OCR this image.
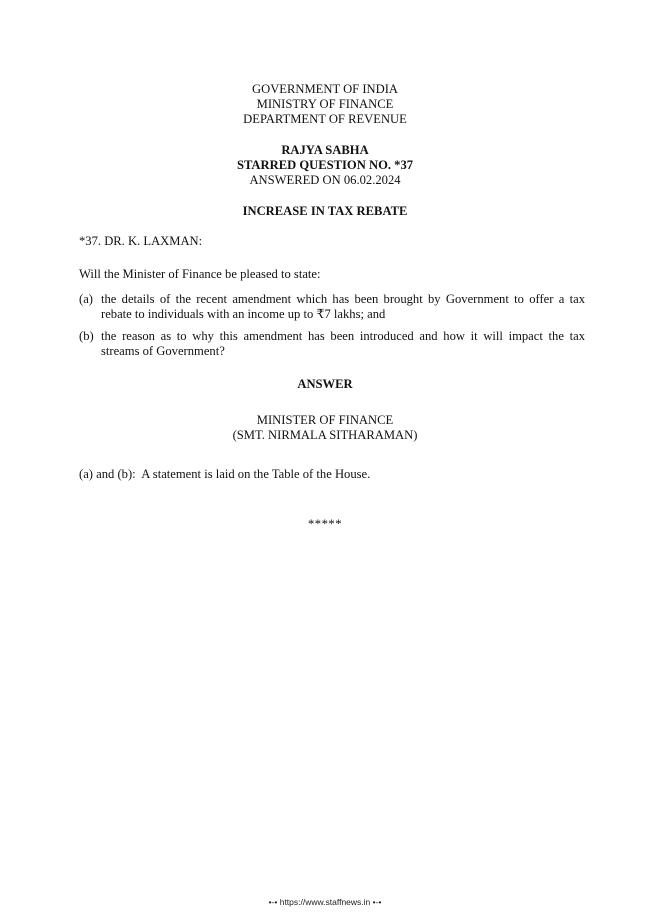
GOVERNMENT OF INDIA
MINISTRY OF FINANCE
DEPARTMENT OF REVENUE
RAJYA SABHA
STARRED QUESTION NO. *37
ANSWERED ON 06.02.2024
INCREASE IN TAX REBATE
*37. DR. K. LAXMAN:
Will the Minister of Finance be pleased to state:
(a) the details of the recent amendment which has been brought by Government to offer a tax rebate to individuals with an income up to ₹7 lakhs; and
(b) the reason as to why this amendment has been introduced and how it will impact the tax streams of Government?
ANSWER
MINISTER OF FINANCE
(SMT. NIRMALA SITHARAMAN)
(a) and (b):  A statement is laid on the Table of the House.
*****
•-• https://www.staffnews.in •-•
